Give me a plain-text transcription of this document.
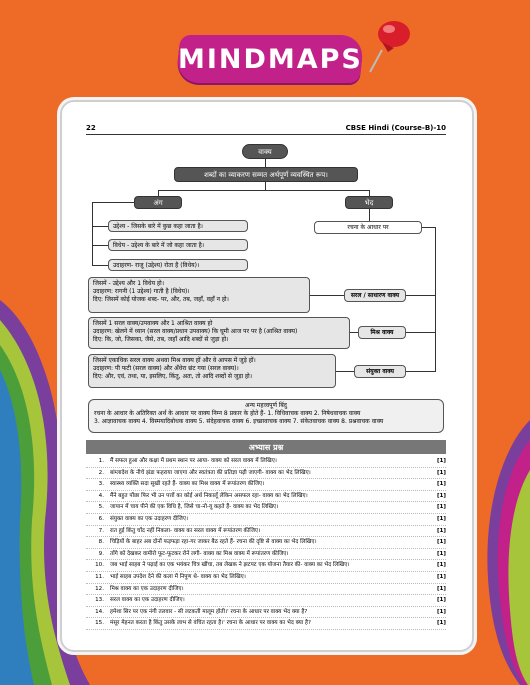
MINDMAPS
22	CBSE Hindi (Course-B)-10
वाक्य
शब्दों का व्याकरण सम्मत अर्थपूर्ण व्यवस्थित रूप।
अंग	भेद
उद्देश्य - जिसके बारे में कुछ कहा जाता है।
विधेय - उद्देश्य के बारे में जो कहा जाता है।
उदाहरण- राजू (उद्देश्य) रोता है (विधेय)।
रचना के आधार पर
जिसमें - उद्देश्य और 1 विधेय हो।
उदाहरण: रागनी (1 उद्देश्य) गाती है (विधेय)।
दिए: जिसमें कोई योजक शब्द- पर, और, तब, जहाँ, वहाँ न हो।
सरल / साधारण वाक्य
जिसमें 1 सरल वाक्य/उपवाक्य और 1 आश्रित वाक्य हो
उदाहरण: खेलने में ध्यान (सरल वाक्य/प्रधान उपवाक्य) कि घूमी आज पर पर है (आश्रित वाक्य)
दिए: कि, जो, जिसका, जैसे, तब, जहाँ आदि शब्दों से जुड़ा हो।
मिश्र वाक्य
जिसमें एकाधिक सरल वाक्य अथवा मिश्र वाक्य हों और वे आपस में जुड़े हों।
उदाहरण: पी फटी (सरल वाक्य) और अँधेरा छंट गया (सरल वाक्य)।
दिए: और, एवं, तथा, या, इसलिए, किंतु, अतः, तो आदि शब्दों से जुड़ा हो।
संयुक्त वाक्य
अन्य महत्त्वपूर्ण बिंदु
रचना के आधार के अतिरिक्त अर्थ के आधार पर वाक्य निम्न 8 प्रकार के होते हैं- 1. विधिवाचक वाक्य 2. निषेधवाचक वाक्य
3. आज्ञावाचक वाक्य 4. विस्मयादिबोधक वाक्य 5. संदेहवाचक वाक्य 6. इच्छावाचक वाक्य 7. संकेतवाचक वाक्य 8. प्रश्नवाचक वाक्य
अभ्यास प्रश्न
1.	मैं सफल हुआ और कक्षा में प्रथम स्थान पर आया- वाक्य को सरल वाक्य में लिखिए।	[1]
2.	बांग्लादेश के नीचे झंडा फहराया जाएगा और स्वतंत्रता की प्रतिज्ञा पढ़ी जाएगी- वाक्य का भेद लिखिए।	[1]
3.	स्वास्थ्य व्यक्ति सदा सुखी रहते हैं- वाक्य का मिश्र वाक्य में रूपांतरण कीजिए।	[1]
4.	मैंने बहुत पोंछा फिर भी उन पत्तों का कोई अर्थ निकालूँ लेकिन असफल रहा- वाक्य का भेद लिखिए।	[1]
5.	जापान में चाय पीने की एक विधि है, जिसे चा-नो-यू कहते हैं- वाक्य का भेद लिखिए।	[1]
6.	संयुक्त वाक्य का एक उदाहरण दीजिए।	[1]
7.	रात हुई किंतु चाँद नहीं निकला- वाक्य का सरल वाक्य में रूपांतरण कीजिए।	[1]
8.	चिड़ियों के बाहर अब दोनों फड़फड़ा रहा-गर जाकर बैठ रहते हैं- रचना की दृष्टि से वाक्य का भेद लिखिए।	[1]
9.	ताँगे को देखकर वामीरो फूट-फूटकर रोने लगी- वाक्य का मिश्र वाक्य में रूपांतरण कीजिए।	[1]
10.	जब भाई साहब ने पढ़ाई का एक भयंकर चित्र खींचा, तब लेखक ने झटपट एक योजना तैयार की- वाक्य का भेद लिखिए।	[1]
11.	भाई साहब उपदेश देने की कला में निपुण थे- वाक्य का भेद लिखिए।	[1]
12.	मिश्र वाक्य का एक उदाहरण दीजिए।	[1]
13.	सरल वाक्य का एक उदाहरण दीजिए।	[1]
14.	हमेशा सिर पर एक नंगी तलवार - सी लटकती मालूम होती।' रचना के आधार पर वाक्य भेद क्या है?	[1]
15.	मंसूर मेहनत करता है किंतु उसके लाभ से वंचित रहता है।' रचना के आधार पर वाक्य का भेद क्या है?	[1]
